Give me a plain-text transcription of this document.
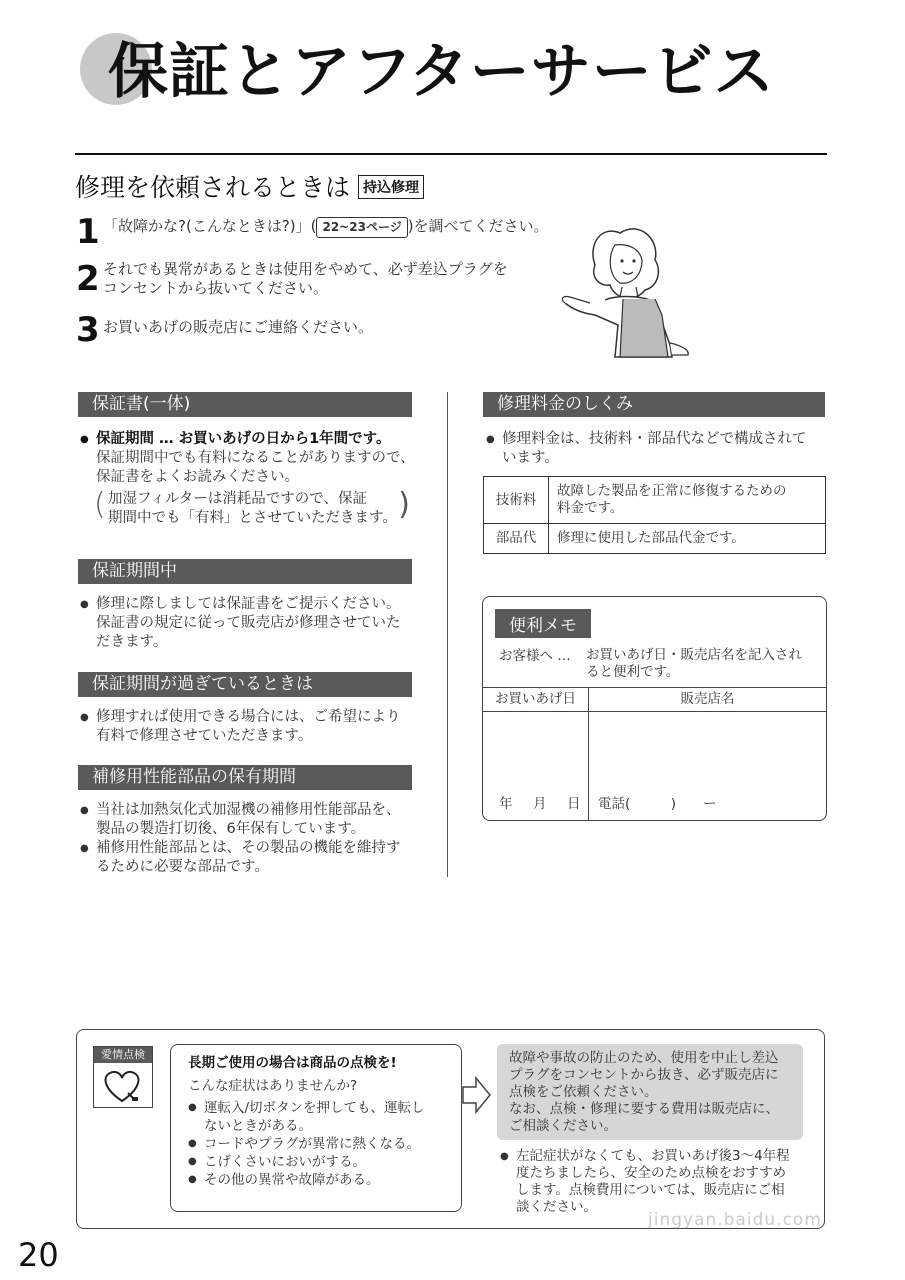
保証とアフターサービス
修理を依頼されるときは 持込修理
1 「故障かな?(こんなときは?)」( 22~23ページ )を調べてください。
2 それでも異常があるときは使用をやめて、必ず差込プラグを
コンセントから抜いてください。
3 お買いあげの販売店にご連絡ください。
保証書(一体)
● 保証期間 … お買いあげの日から1年間です。
保証期間中でも有料になることがありますので、
保証書をよくお読みください。
( 加湿フィルターは消耗品ですので、保証
期間中でも「有料」とさせていただきます。 )
保証期間中
● 修理に際しましては保証書をご提示ください。
保証書の規定に従って販売店が修理させていた
だきます。
保証期間が過ぎているときは
● 修理すれば使用できる場合には、ご希望により
有料で修理させていただきます。
補修用性能部品の保有期間
● 当社は加熱気化式加湿機の補修用性能部品を、
製品の製造打切後、6年保有しています。
● 補修用性能部品とは、その製品の機能を維持す
るために必要な部品です。
修理料金のしくみ
● 修理料金は、技術料・部品代などで構成されて
います。
技術料	故障した製品を正常に修復するための
料金です。

部品代	修理に使用した部品代金です。
便利メモ
お客様へ … お買いあげ日・販売店名を記入され
ると便利です。
お買いあげ日	販売店名
年 月 日 電話(　　　)　　ー
愛情点検
長期ご使用の場合は商品の点検を!
こんな症状はありませんか?
● 運転入/切ボタンを押しても、運転し
ないときがある。
● コードやプラグが異常に熱くなる。
● こげくさいにおいがする。
● その他の異常や故障がある。
故障や事故の防止のため、使用を中止し差込
プラグをコンセントから抜き、必ず販売店に
点検をご依頼ください。
なお、点検・修理に要する費用は販売店に、
ご相談ください。
● 左記症状がなくても、お買いあげ後3〜4年程
度たちましたら、安全のため点検をおすすめ
します。点検費用については、販売店にご相
談ください。
jingyan.baidu.com
20
